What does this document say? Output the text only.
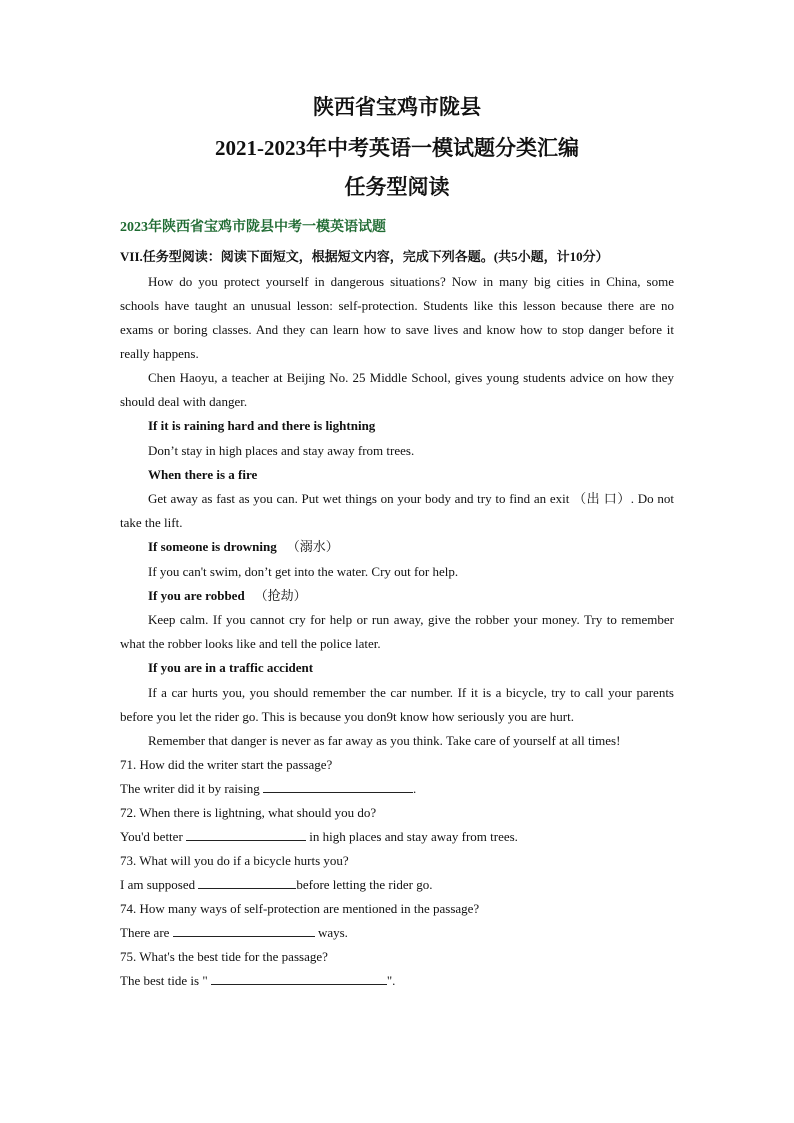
陕西省宝鸡市陇县
2021-2023年中考英语一模试题分类汇编
任务型阅读
2023年陕西省宝鸡市陇县中考一模英语试题
VII.任务型阅读：阅读下面短文，根据短文内容，完成下列各题。(共5小题，计10分）

How do you protect yourself in dangerous situations? Now in many big cities in China, some schools have taught an unusual lesson: self-protection. Students like this lesson because there are no exams or boring classes. And they can learn how to save lives and know how to stop danger before it really happens.

Chen Haoyu, a teacher at Beijing No. 25 Middle School, gives young students advice on how they should deal with danger.

If it is raining hard and there is lightning

Don’t stay in high places and stay away from trees.

When there is a fire

Get away as fast as you can. Put wet things on your body and try to find an exit （出 口）. Do not take the lift.

If someone is drowning （溺水）

If you can't swim, don’t get into the water. Cry out for help.

If you are robbed （抢劫）

Keep calm. If you cannot cry for help or run away, give the robber your money. Try to remember what the robber looks like and tell the police later.

If you are in a traffic accident

If a car hurts you, you should remember the car number. If it is a bicycle, try to call your parents before you let the rider go. This is because you don9t know how seriously you are hurt.

Remember that danger is never as far away as you think. Take care of yourself at all times!

71. How did the writer start the passage?

The writer did it by raising	.

72. When there is lightning, what should you do?

You'd better	in high places and stay away from trees.

73. What will you do if a bicycle hurts you?

I am supposed	before letting the rider go.

74. How many ways of self-protection are mentioned in the passage?

There are	ways.

75. What's the best tide for the passage?

The best tide is "	".
